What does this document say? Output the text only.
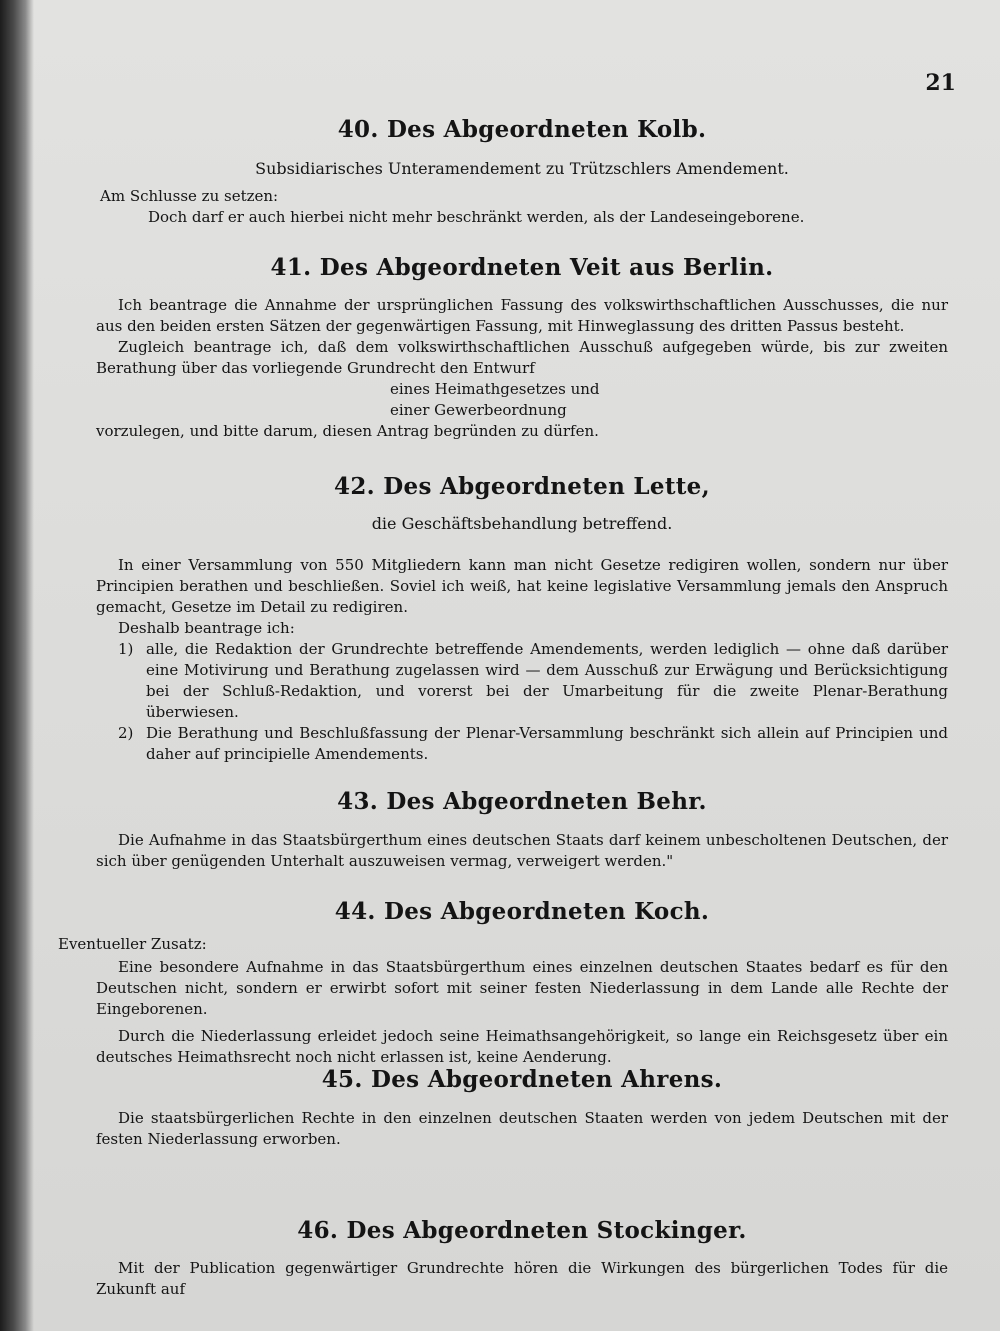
21
40. Des Abgeordneten Kolb.
Subsidiarisches Unteramendement zu Trützschlers Amendement.

Am Schlusse zu setzen:

Doch darf er auch hierbei nicht mehr beschränkt werden, als der Landeseingeborene.

41. Des Abgeordneten Veit aus Berlin.

Ich beantrage die Annahme der ursprünglichen Fassung des volkswirthschaftlichen Ausschusses, die nur aus den beiden ersten Sätzen der gegenwärtigen Fassung, mit Hinweglassung des dritten Passus besteht.

Zugleich beantrage ich, daß dem volkswirthschaftlichen Ausschuß aufgegeben würde, bis zur zweiten Berathung über das vorliegende Grundrecht den Entwurf

eines Heimathgesetzes und

einer Gewerbeordnung

vorzulegen, und bitte darum, diesen Antrag begründen zu dürfen.

42. Des Abgeordneten Lette,
die Geschäftsbehandlung betreffend.

In einer Versammlung von 550 Mitgliedern kann man nicht Gesetze redigiren wollen, sondern nur über Principien berathen und beschließen. Soviel ich weiß, hat keine legislative Versammlung jemals den Anspruch gemacht, Gesetze im Detail zu redigiren.

Deshalb beantrage ich:

1) alle, die Redaktion der Grundrechte betreffende Amendements, werden lediglich — ohne daß darüber eine Motivirung und Berathung zugelassen wird — dem Ausschuß zur Erwägung und Berücksichtigung bei der Schluß-Redaktion, und vorerst bei der Umarbeitung für die zweite Plenar-Berathung überwiesen.
2) Die Berathung und Beschlußfassung der Plenar-Versammlung beschränkt sich allein auf Principien und daher auf principielle Amendements.
43. Des Abgeordneten Behr.

Die Aufnahme in das Staatsbürgerthum eines deutschen Staats darf keinem unbescholtenen Deutschen, der sich über genügenden Unterhalt auszuweisen vermag, verweigert werden."

44. Des Abgeordneten Koch.

Eventueller Zusatz:

Eine besondere Aufnahme in das Staatsbürgerthum eines einzelnen deutschen Staates bedarf es für den Deutschen nicht, sondern er erwirbt sofort mit seiner festen Niederlassung in dem Lande alle Rechte der Eingeborenen.

Durch die Niederlassung erleidet jedoch seine Heimathsangehörigkeit, so lange ein Reichsgesetz über ein deutsches Heimathsrecht noch nicht erlassen ist, keine Aenderung.

45. Des Abgeordneten Ahrens.

Die staatsbürgerlichen Rechte in den einzelnen deutschen Staaten werden von jedem Deutschen mit der festen Niederlassung erworben.

46. Des Abgeordneten Stockinger.

Mit der Publication gegenwärtiger Grundrechte hören die Wirkungen des bürgerlichen Todes für die Zukunft auf
